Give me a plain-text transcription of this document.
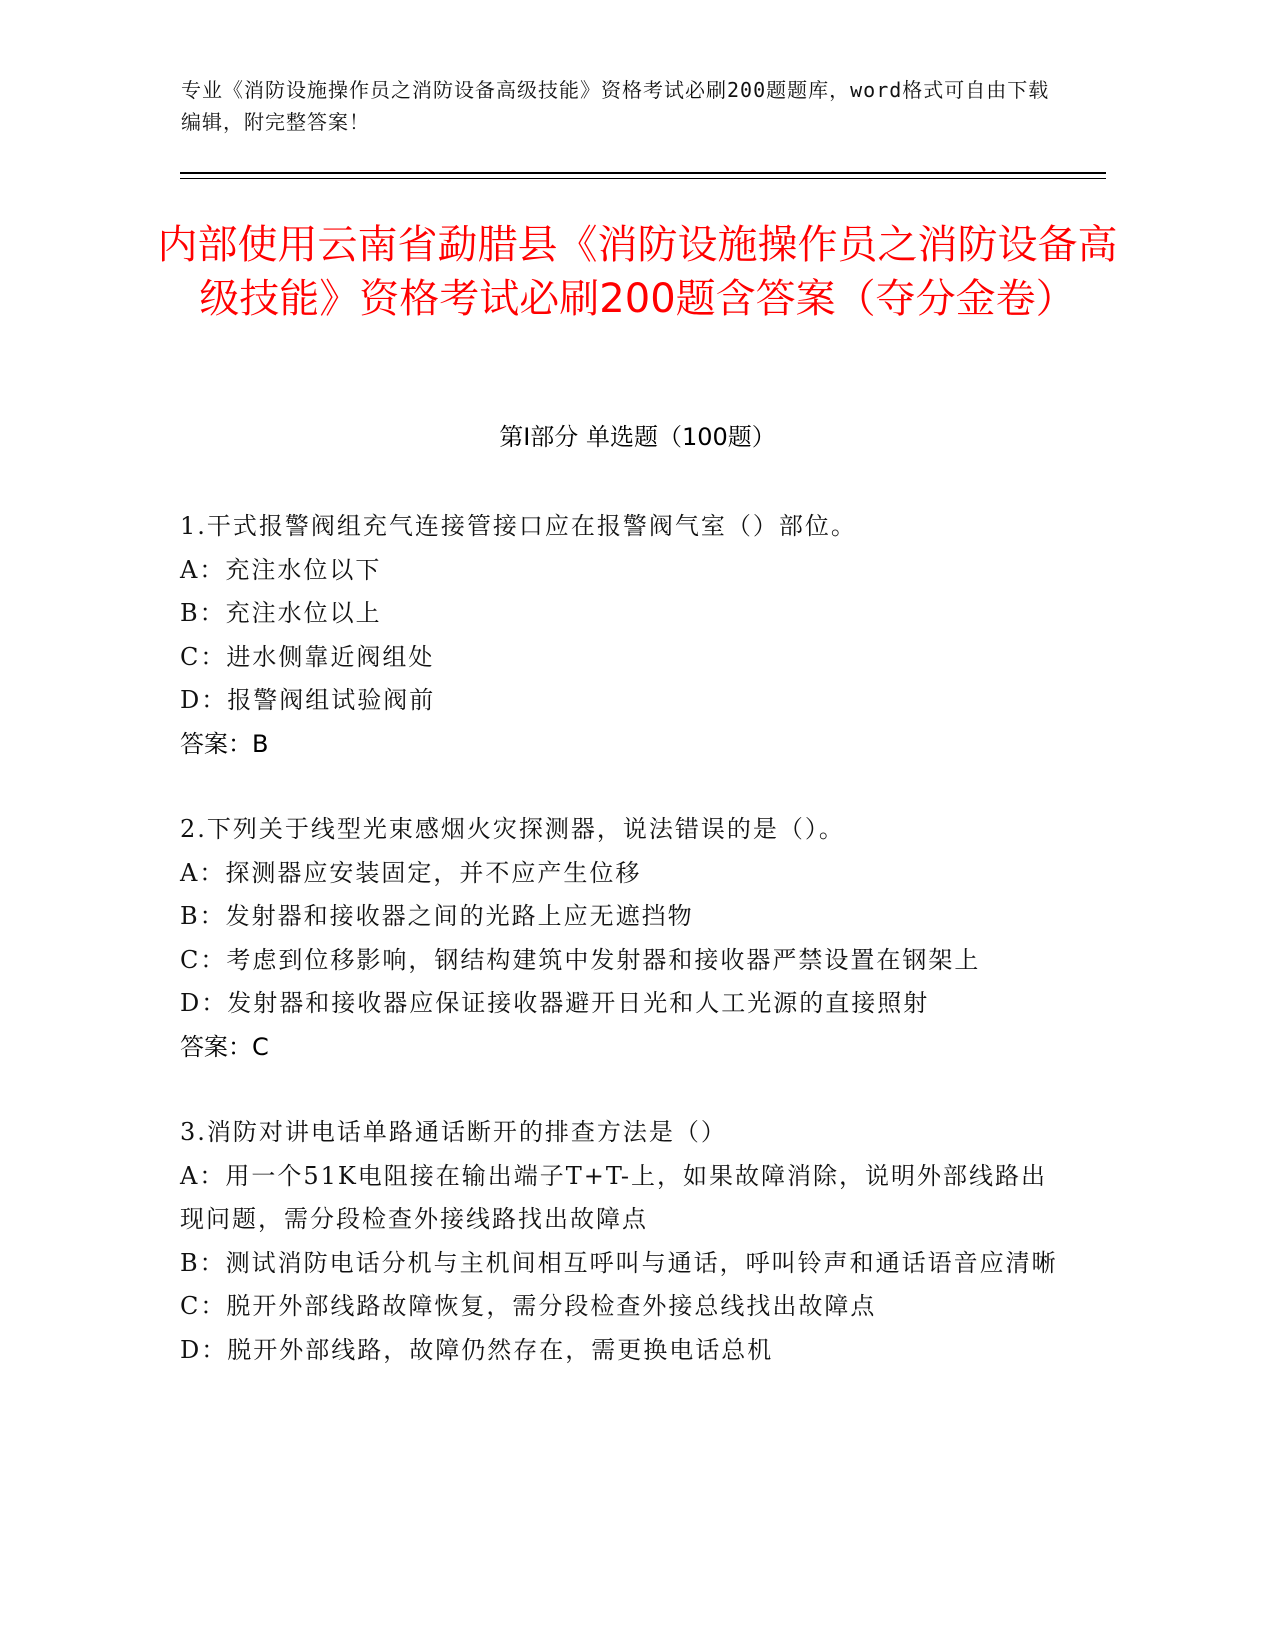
专业《消防设施操作员之消防设备高级技能》资格考试必刷200题题库，word格式可自由下载编辑，附完整答案！
内部使用云南省勐腊县《消防设施操作员之消防设备高级技能》资格考试必刷200题含答案（夺分金卷）
第Ⅰ部分 单选题（100题）
1.干式报警阀组充气连接管接口应在报警阀气室（）部位。
A：充注水位以下
B：充注水位以上
C：进水侧靠近阀组处
D：报警阀组试验阀前
答案：B
2.下列关于线型光束感烟火灾探测器，说法错误的是（）。
A：探测器应安装固定，并不应产生位移
B：发射器和接收器之间的光路上应无遮挡物
C：考虑到位移影响，钢结构建筑中发射器和接收器严禁设置在钢架上
D：发射器和接收器应保证接收器避开日光和人工光源的直接照射
答案：C
3.消防对讲电话单路通话断开的排查方法是（）
A：用一个51K电阻接在输出端子T+T-上，如果故障消除，说明外部线路出现问题，需分段检查外接线路找出故障点
B：测试消防电话分机与主机间相互呼叫与通话，呼叫铃声和通话语音应清晰
C：脱开外部线路故障恢复，需分段检查外接总线找出故障点
D：脱开外部线路，故障仍然存在，需更换电话总机
